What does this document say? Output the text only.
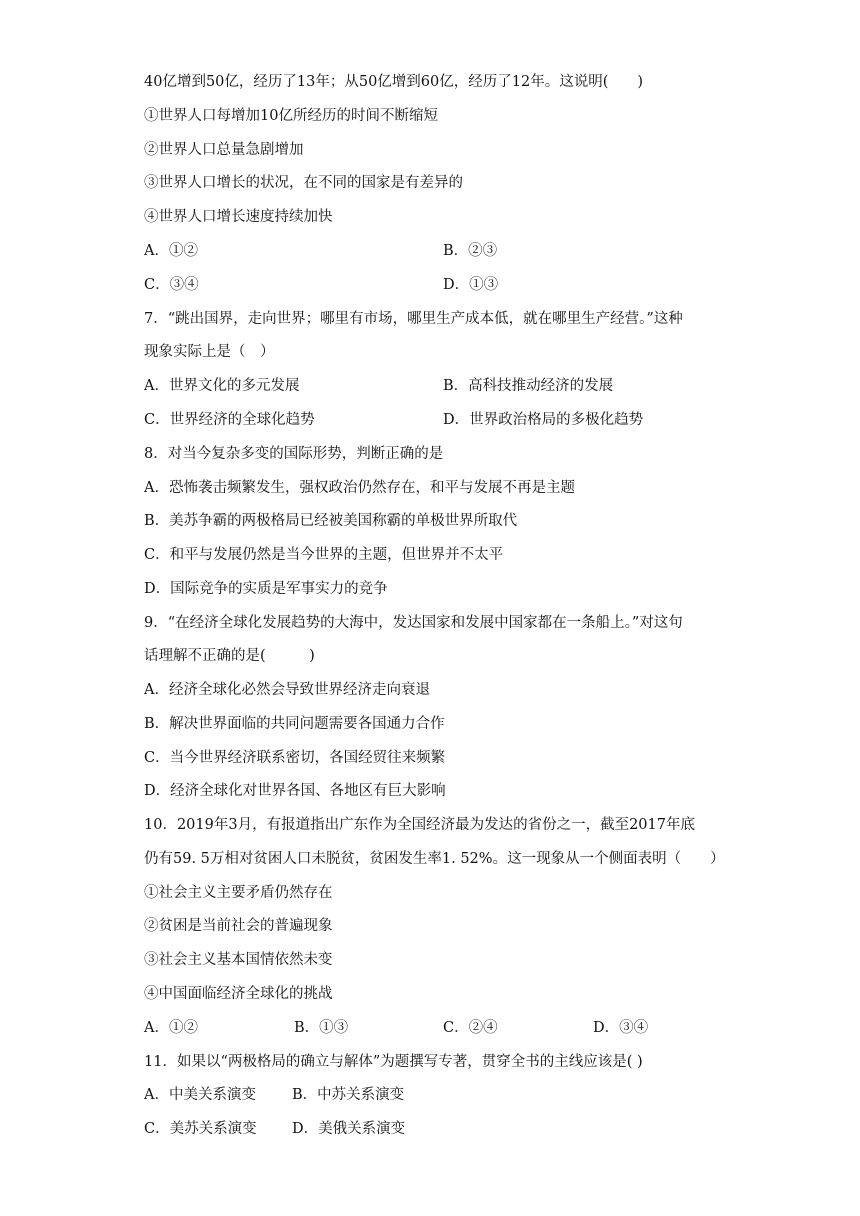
40亿增到50亿，经历了13年；从50亿增到60亿，经历了12年。这说明(　　)
①世界人口每增加10亿所经历的时间不断缩短
②世界人口总量急剧增加
③世界人口增长的状况，在不同的国家是有差异的
④世界人口增长速度持续加快
A．①②	B．②③
C．③④	D．①③
7．“跳出国界，走向世界；哪里有市场，哪里生产成本低，就在哪里生产经营。”这种
现象实际上是（　）
A．世界文化的多元发展	B．高科技推动经济的发展
C．世界经济的全球化趋势	D．世界政治格局的多极化趋势
8．对当今复杂多变的国际形势，判断正确的是
A．恐怖袭击频繁发生，强权政治仍然存在，和平与发展不再是主题
B．美苏争霸的两极格局已经被美国称霸的单极世界所取代
C．和平与发展仍然是当今世界的主题，但世界并不太平
D．国际竞争的实质是军事实力的竞争
9．“在经济全球化发展趋势的大海中，发达国家和发展中国家都在一条船上。”对这句
话理解不正确的是(　　　)
A．经济全球化必然会导致世界经济走向衰退
B．解决世界面临的共同问题需要各国通力合作
C．当今世界经济联系密切，各国经贸往来频繁
D．经济全球化对世界各国、各地区有巨大影响
10．2019年3月，有报道指出广东作为全国经济最为发达的省份之一，截至2017年底
仍有59. 5万相对贫困人口未脱贫，贫困发生率1. 52%。这一现象从一个侧面表明（　　）
①社会主义主要矛盾仍然存在
②贫困是当前社会的普遍现象
③社会主义基本国情依然未变
④中国面临经济全球化的挑战
A．①②	B．①③	C．②④	D．③④
11．如果以“两极格局的确立与解体”为题撰写专著，贯穿全书的主线应该是( )
A．中美关系演变 B．中苏关系演变
C．美苏关系演变 D．美俄关系演变
